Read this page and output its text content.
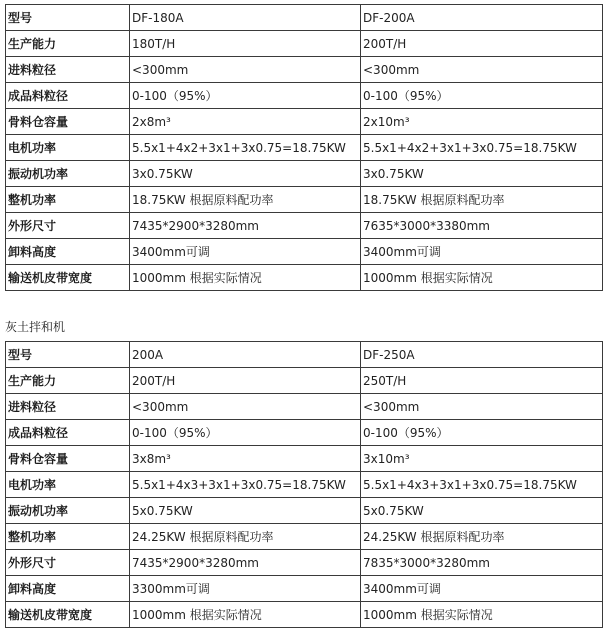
型号	DF-180A	DF-200A
生产能力	180T/H	200T/H
进料粒径	<300mm	<300mm
成品料粒径	0-100（95%）	0-100（95%）
骨料仓容量	2x8m³	2x10m³
电机功率	5.5x1+4x2+3x1+3x0.75=18.75KW	5.5x1+4x2+3x1+3x0.75=18.75KW
振动机功率	3x0.75KW	3x0.75KW
整机功率	18.75KW 根据原料配功率	18.75KW 根据原料配功率
外形尺寸	7435*2900*3280mm	7635*3000*3380mm
卸料高度	3400mm可调	3400mm可调
输送机皮带宽度	1000mm 根据实际情况	1000mm 根据实际情况
灰土拌和机
型号	200A	DF-250A
生产能力	200T/H	250T/H
进料粒径	<300mm	<300mm
成品料粒径	0-100（95%）	0-100（95%）
骨料仓容量	3x8m³	3x10m³
电机功率	5.5x1+4x3+3x1+3x0.75=18.75KW	5.5x1+4x3+3x1+3x0.75=18.75KW
振动机功率	5x0.75KW	5x0.75KW
整机功率	24.25KW 根据原料配功率	24.25KW 根据原料配功率
外形尺寸	7435*2900*3280mm	7835*3000*3280mm
卸料高度	3300mm可调	3400mm可调
输送机皮带宽度	1000mm 根据实际情况	1000mm 根据实际情况
